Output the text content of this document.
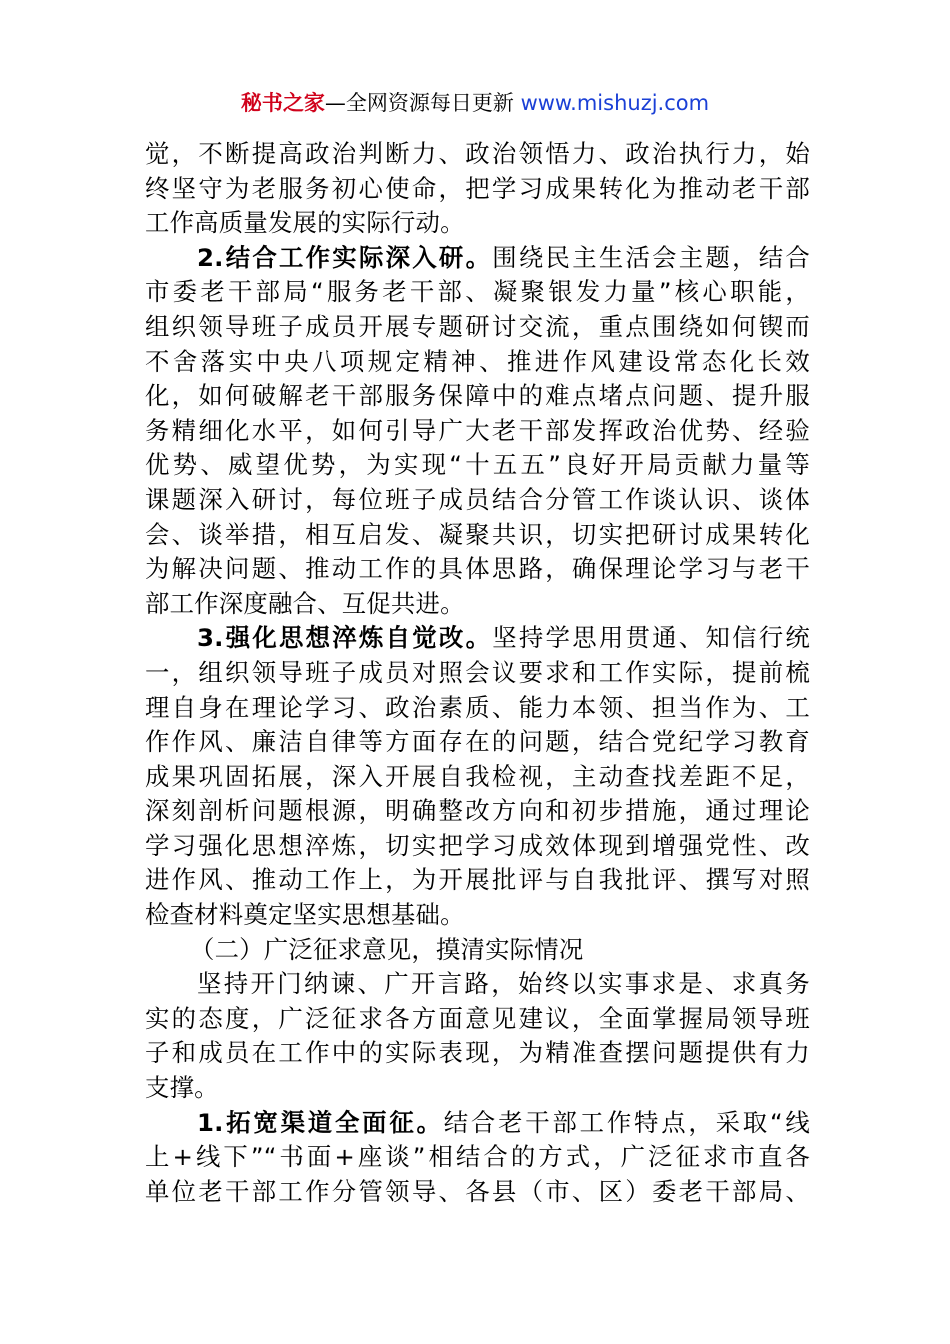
秘书之家—全网资源每日更新 www.mishuzj.com
觉，不断提高政治判断力、政治领悟力、政治执行力，始
终坚守为老服务初心使命，把学习成果转化为推动老干部
工作高质量发展的实际行动。
2.结合工作实际深入研。围绕民主生活会主题，结合
市委老干部局“服务老干部、凝聚银发力量”核心职能，
组织领导班子成员开展专题研讨交流，重点围绕如何锲而
不舍落实中央八项规定精神、推进作风建设常态化长效
化，如何破解老干部服务保障中的难点堵点问题、提升服
务精细化水平，如何引导广大老干部发挥政治优势、经验
优势、威望优势，为实现“十五五”良好开局贡献力量等
课题深入研讨，每位班子成员结合分管工作谈认识、谈体
会、谈举措，相互启发、凝聚共识，切实把研讨成果转化
为解决问题、推动工作的具体思路，确保理论学习与老干
部工作深度融合、互促共进。
3.强化思想淬炼自觉改。坚持学思用贯通、知信行统
一，组织领导班子成员对照会议要求和工作实际，提前梳
理自身在理论学习、政治素质、能力本领、担当作为、工
作作风、廉洁自律等方面存在的问题，结合党纪学习教育
成果巩固拓展，深入开展自我检视，主动查找差距不足，
深刻剖析问题根源，明确整改方向和初步措施，通过理论
学习强化思想淬炼，切实把学习成效体现到增强党性、改
进作风、推动工作上，为开展批评与自我批评、撰写对照
检查材料奠定坚实思想基础。
（二）广泛征求意见，摸清实际情况
坚持开门纳谏、广开言路，始终以实事求是、求真务
实的态度，广泛征求各方面意见建议，全面掌握局领导班
子和成员在工作中的实际表现，为精准查摆问题提供有力
支撑。
1.拓宽渠道全面征。结合老干部工作特点，采取“线
上+线下”“书面+座谈”相结合的方式，广泛征求市直各
单位老干部工作分管领导、各县（市、区）委老干部局、
